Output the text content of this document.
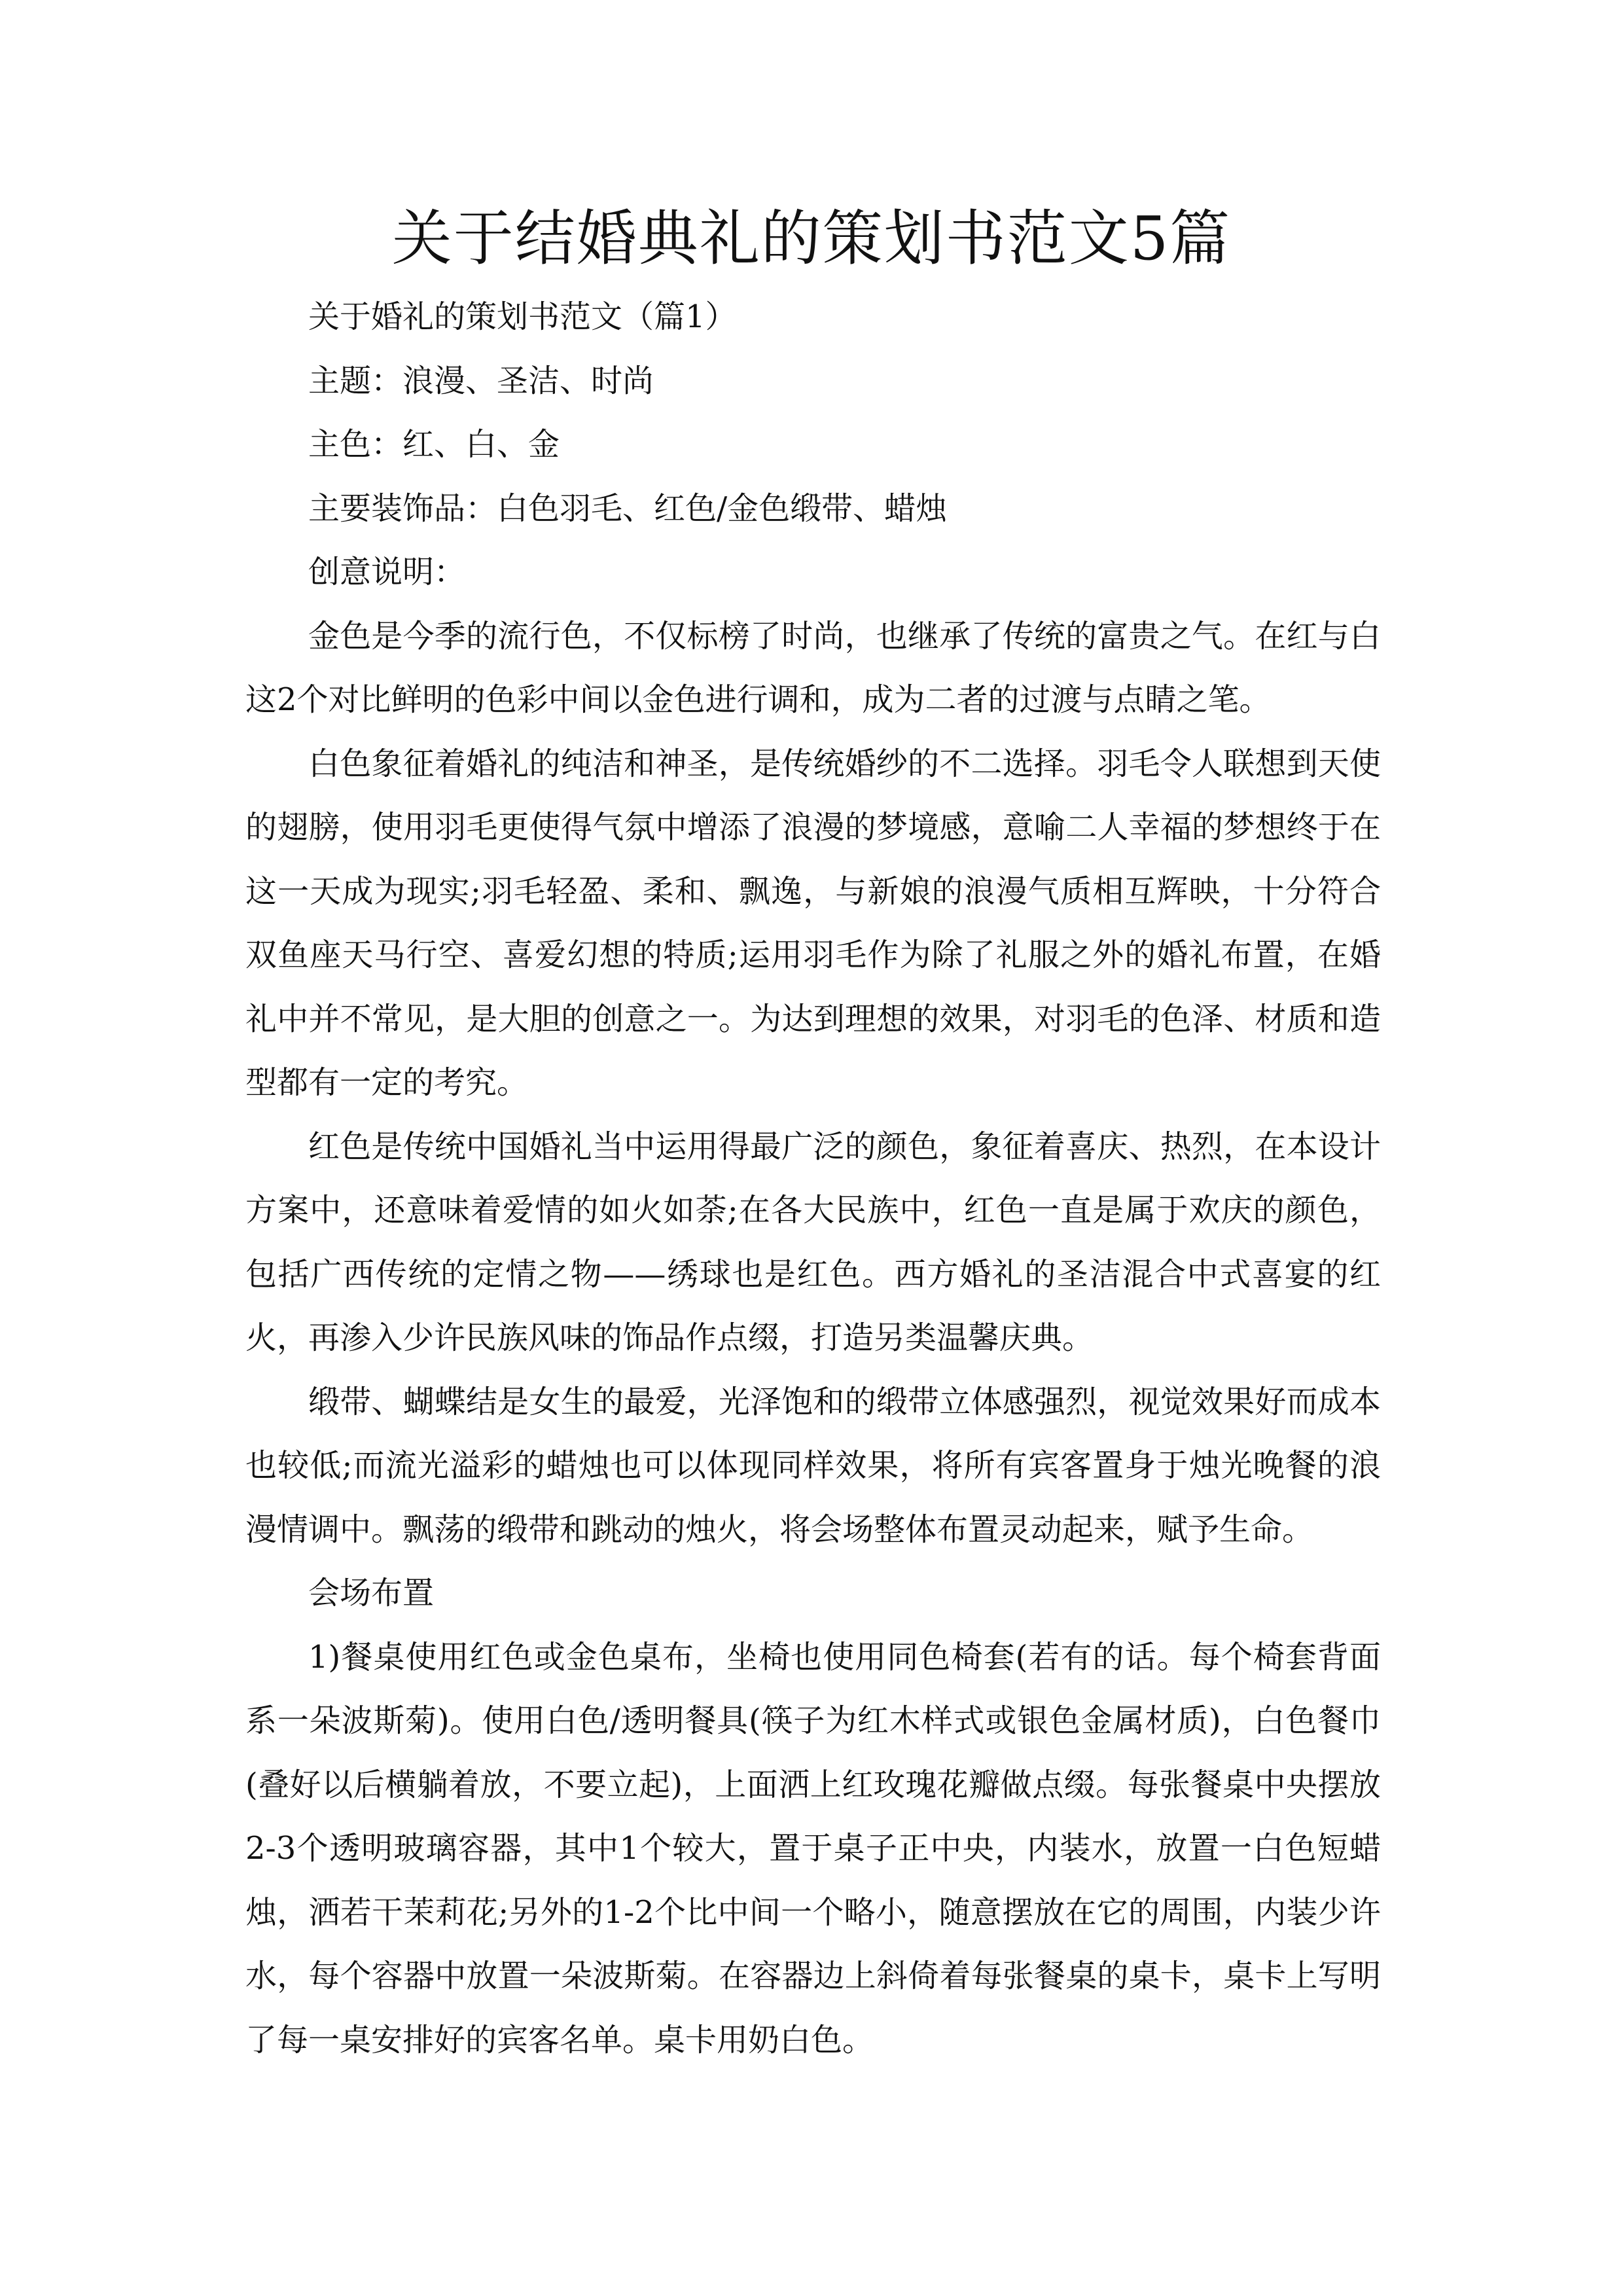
关于结婚典礼的策划书范文5篇

关于婚礼的策划书范文（篇1）

主题：浪漫、圣洁、时尚

主色：红、白、金

主要装饰品：白色羽毛、红色/金色缎带、蜡烛

创意说明：

金色是今季的流行色，不仅标榜了时尚，也继承了传统的富贵之气。在红与白这2个对比鲜明的色彩中间以金色进行调和，成为二者的过渡与点睛之笔。

白色象征着婚礼的纯洁和神圣，是传统婚纱的不二选择。羽毛令人联想到天使的翅膀，使用羽毛更使得气氛中增添了浪漫的梦境感，意喻二人幸福的梦想终于在这一天成为现实;羽毛轻盈、柔和、飘逸，与新娘的浪漫气质相互辉映，十分符合双鱼座天马行空、喜爱幻想的特质;运用羽毛作为除了礼服之外的婚礼布置，在婚礼中并不常见，是大胆的创意之一。为达到理想的效果，对羽毛的色泽、材质和造型都有一定的考究。

红色是传统中国婚礼当中运用得最广泛的颜色，象征着喜庆、热烈，在本设计方案中，还意味着爱情的如火如荼;在各大民族中，红色一直是属于欢庆的颜色，包括广西传统的定情之物——绣球也是红色。西方婚礼的圣洁混合中式喜宴的红火，再渗入少许民族风味的饰品作点缀，打造另类温馨庆典。

缎带、蝴蝶结是女生的最爱，光泽饱和的缎带立体感强烈，视觉效果好而成本也较低;而流光溢彩的蜡烛也可以体现同样效果，将所有宾客置身于烛光晚餐的浪漫情调中。飘荡的缎带和跳动的烛火，将会场整体布置灵动起来，赋予生命。

会场布置

1)餐桌使用红色或金色桌布，坐椅也使用同色椅套(若有的话。每个椅套背面系一朵波斯菊)。使用白色/透明餐具(筷子为红木样式或银色金属材质)，白色餐巾(叠好以后横躺着放，不要立起)，上面洒上红玫瑰花瓣做点缀。每张餐桌中央摆放2-3个透明玻璃容器，其中1个较大，置于桌子正中央，内装水，放置一白色短蜡烛，洒若干茉莉花;另外的1-2个比中间一个略小，随意摆放在它的周围，内装少许水，每个容器中放置一朵波斯菊。在容器边上斜倚着每张餐桌的桌卡，桌卡上写明了每一桌安排好的宾客名单。桌卡用奶白色。
